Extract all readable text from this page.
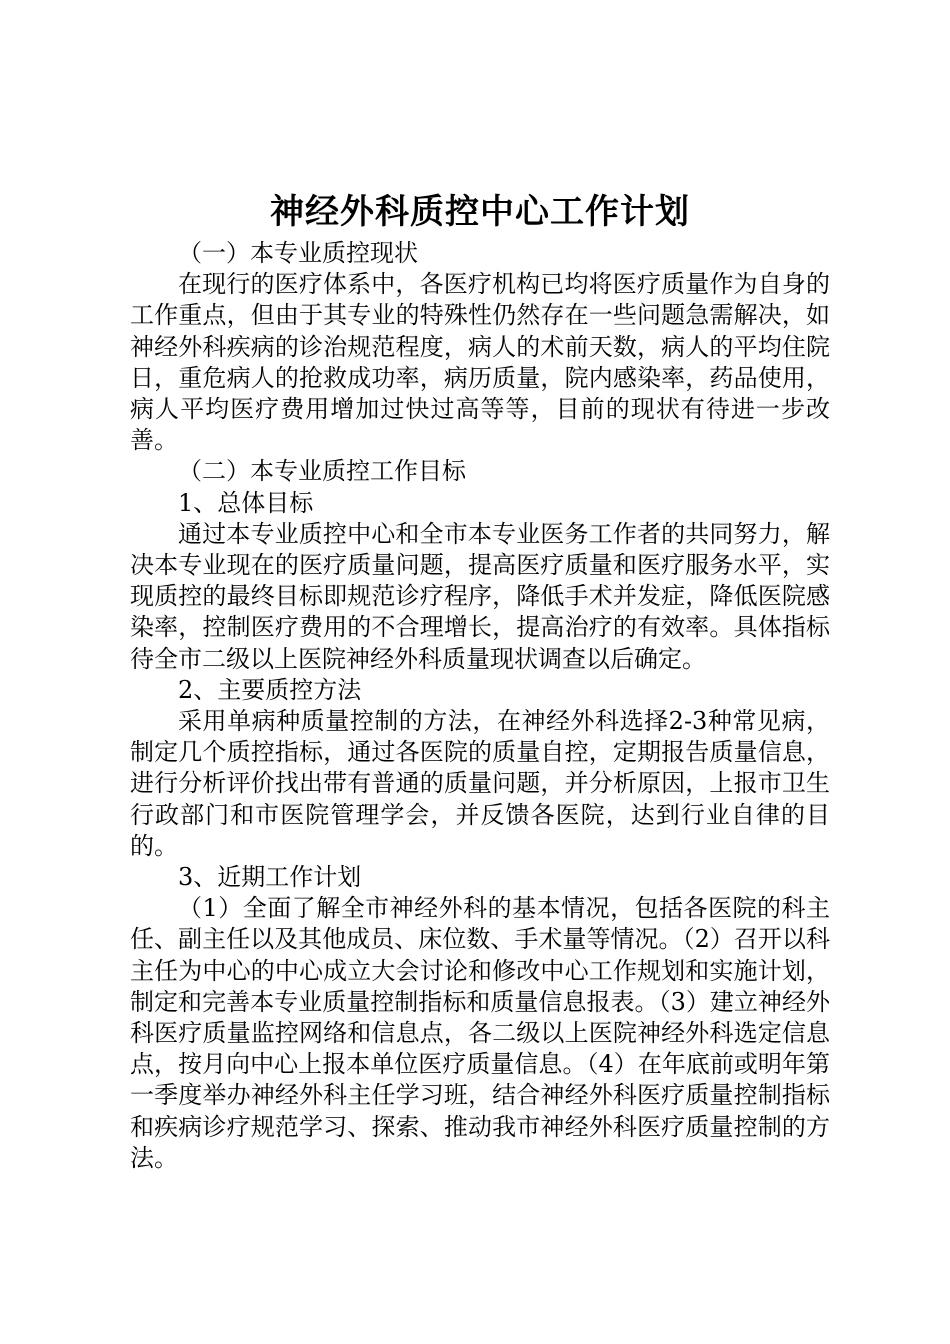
神经外科质控中心工作计划

（一）本专业质控现状

在现行的医疗体系中，各医疗机构已均将医疗质量作为自身的工作重点，但由于其专业的特殊性仍然存在一些问题急需解决，如神经外科疾病的诊治规范程度，病人的术前天数，病人的平均住院日，重危病人的抢救成功率，病历质量，院内感染率，药品使用，病人平均医疗费用增加过快过高等等，目前的现状有待进一步改善。

（二）本专业质控工作目标

1、总体目标

通过本专业质控中心和全市本专业医务工作者的共同努力，解决本专业现在的医疗质量问题，提高医疗质量和医疗服务水平，实现质控的最终目标即规范诊疗程序，降低手术并发症，降低医院感染率，控制医疗费用的不合理增长，提高治疗的有效率。具体指标待全市二级以上医院神经外科质量现状调查以后确定。

2、主要质控方法

采用单病种质量控制的方法，在神经外科选择2-3种常见病，制定几个质控指标，通过各医院的质量自控，定期报告质量信息，进行分析评价找出带有普通的质量问题，并分析原因，上报市卫生行政部门和市医院管理学会，并反馈各医院，达到行业自律的目的。

3、近期工作计划

（1）全面了解全市神经外科的基本情况，包括各医院的科主任、副主任以及其他成员、床位数、手术量等情况。（2）召开以科主任为中心的中心成立大会讨论和修改中心工作规划和实施计划，制定和完善本专业质量控制指标和质量信息报表。（3）建立神经外科医疗质量监控网络和信息点，各二级以上医院神经外科选定信息点，按月向中心上报本单位医疗质量信息。（4）在年底前或明年第一季度举办神经外科主任学习班，结合神经外科医疗质量控制指标和疾病诊疗规范学习、探索、推动我市神经外科医疗质量控制的方法。
